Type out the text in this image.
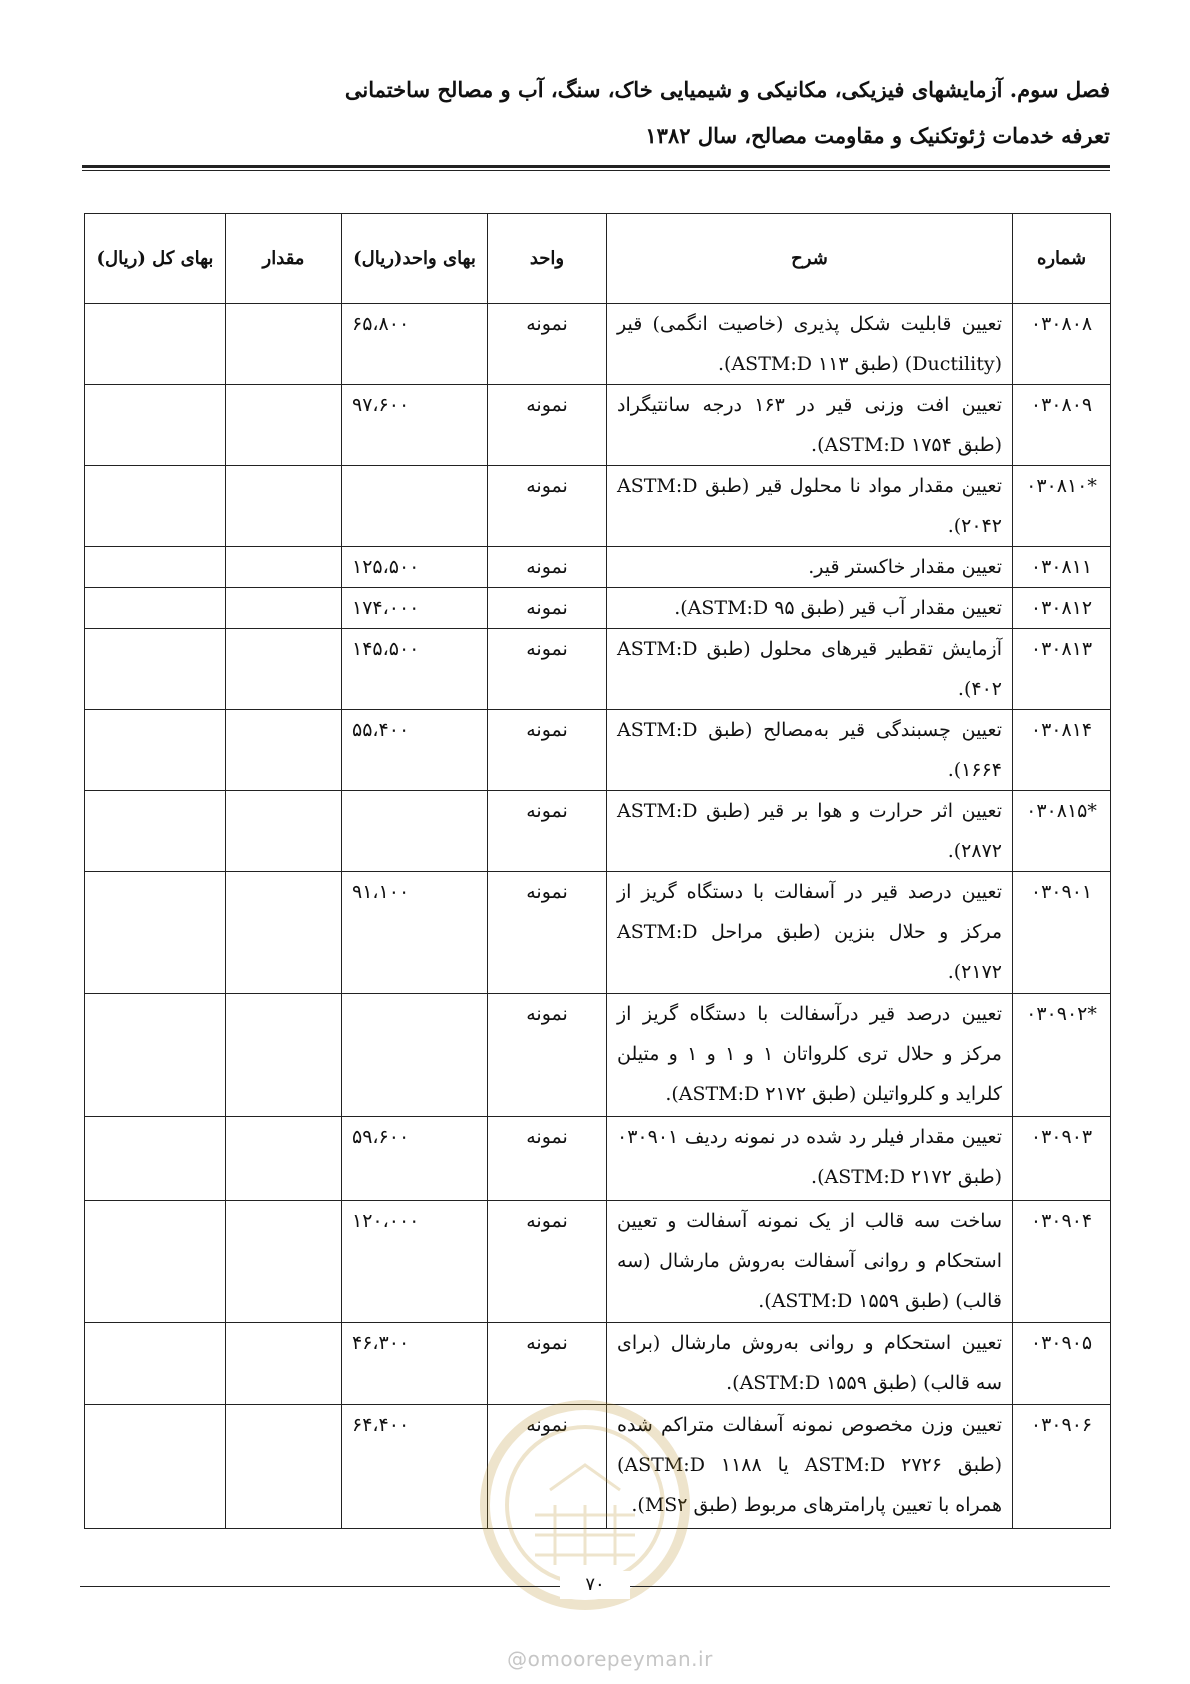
فصل سوم. آزمایشهای فیزیکی، مکانیکی و شیمیایی خاک، سنگ، آب و مصالح ساختمانی
تعرفه خدمات ژئوتکنیک و مقاومت مصالح، سال ۱۳۸۲
شماره	شرح	واحد	بهای واحد(ریال)	مقدار	بهای کل (ریال)
۰۳۰۸۰۸	تعیین قابلیت شکل پذیری (خاصیت انگمی) قیر (Ductility) (طبق ASTM:D ۱۱۳).	نمونه	۶۵،۸۰۰		
۰۳۰۸۰۹	تعیین افت وزنی قیر در ۱۶۳ درجه سانتیگراد (طبق ASTM:D ۱۷۵۴).	نمونه	۹۷،۶۰۰		
*۰۳۰۸۱۰	تعیین مقدار مواد نا محلول قیر (طبق ASTM:D ۲۰۴۲).	نمونه			
۰۳۰۸۱۱	تعیین مقدار خاکستر قیر.	نمونه	۱۲۵،۵۰۰		
۰۳۰۸۱۲	تعیین مقدار آب قیر (طبق ASTM:D ۹۵).	نمونه	۱۷۴،۰۰۰		
۰۳۰۸۱۳	آزمایش تقطیر قیرهای محلول (طبق ASTM:D ۴۰۲).	نمونه	۱۴۵،۵۰۰		
۰۳۰۸۱۴	تعیین چسبندگی قیر به‌مصالح (طبق ASTM:D ۱۶۶۴).	نمونه	۵۵،۴۰۰		
*۰۳۰۸۱۵	تعیین اثر حرارت و هوا بر قیر (طبق ASTM:D ۲۸۷۲).	نمونه			
۰۳۰۹۰۱	تعیین درصد قیر در آسفالت با دستگاه گریز از مرکز و حلال بنزین (طبق مراحل ASTM:D ۲۱۷۲).	نمونه	۹۱،۱۰۰		
*۰۳۰۹۰۲	تعیین درصد قیر درآسفالت با دستگاه گریز از مرکز و حلال تری کلرواتان ۱ و ۱ و ۱ و متیلن کلراید و کلرواتیلن (طبق ۲۱۷۲ ASTM:D).	نمونه			
۰۳۰۹۰۳	تعیین مقدار فیلر رد شده در نمونه ردیف ۰۳۰۹۰۱ (طبق ASTM:D ۲۱۷۲).	نمونه	۵۹،۶۰۰		
۰۳۰۹۰۴	ساخت سه قالب از یک نمونه آسفالت و تعیین استحکام و روانی آسفالت به‌روش مارشال (سه قالب) (طبق ASTM:D ۱۵۵۹).	نمونه	۱۲۰،۰۰۰		
۰۳۰۹۰۵	تعیین استحکام و روانی به‌روش مارشال (برای سه قالب) (طبق ASTM:D ۱۵۵۹).	نمونه	۴۶،۳۰۰		
۰۳۰۹۰۶	تعیین وزن مخصوص نمونه آسفالت متراکم شده (طبق ASTM:D ۲۷۲۶ یا ASTM:D ۱۱۸۸) همراه با تعیین پارامترهای مربوط (طبق MS۲).	نمونه	۶۴،۴۰۰		
۷۰
@omoorepeyman.ir
